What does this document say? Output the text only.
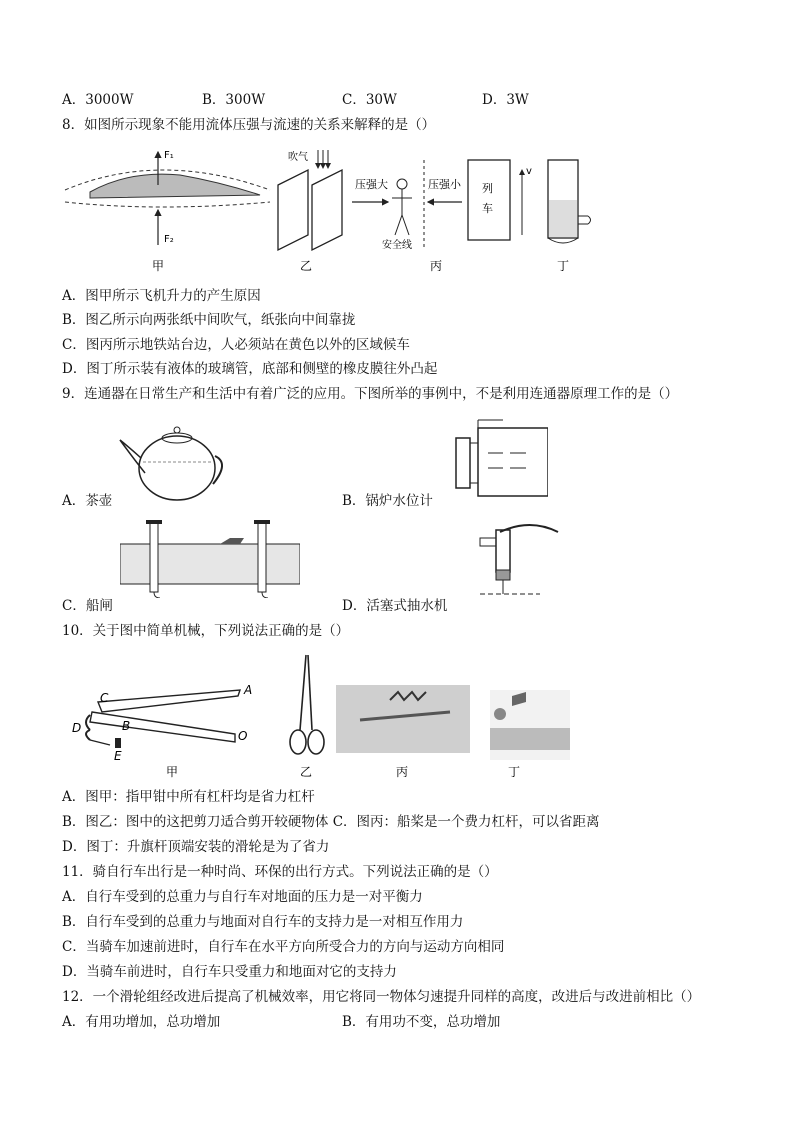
A．3000W	B．300W	C．30W	D．3W
8．如图所示现象不能用流体压强与流速的关系来解释的是（）
F₁
F₂
甲
吹气
乙
压强大
安全线
压强小 列
车
v
丙	丁
A．图甲所示飞机升力的产生原因
B．图乙所示向两张纸中间吹气，纸张向中间靠拢
C．图丙所示地铁站台边，人必须站在黄色以外的区域候车
D．图丁所示装有液体的玻璃管，底部和侧壁的橡皮膜往外凸起
9．连通器在日常生产和生活中有着广泛的应用。下图所举的事例中，不是利用连通器原理工作的是（）
A．茶壶	B．锅炉水位计
C．船闸	D．活塞式抽水机
10．关于图中简单机械，下列说法正确的是（）
A
B
C
D
E
O
甲	乙	丙	丁
A．图甲：指甲钳中所有杠杆均是省力杠杆
B．图乙：图中的这把剪刀适合剪开较硬物体 C．图丙：船桨是一个费力杠杆，可以省距离
D．图丁：升旗杆顶端安装的滑轮是为了省力
11．骑自行车出行是一种时尚、环保的出行方式。下列说法正确的是（）
A．自行车受到的总重力与自行车对地面的压力是一对平衡力
B．自行车受到的总重力与地面对自行车的支持力是一对相互作用力
C．当骑车加速前进时，自行车在水平方向所受合力的方向与运动方向相同
D．当骑车前进时，自行车只受重力和地面对它的支持力
12．一个滑轮组经改进后提高了机械效率，用它将同一物体匀速提升同样的高度，改进后与改进前相比（）
A．有用功增加，总功增加	B．有用功不变，总功增加
